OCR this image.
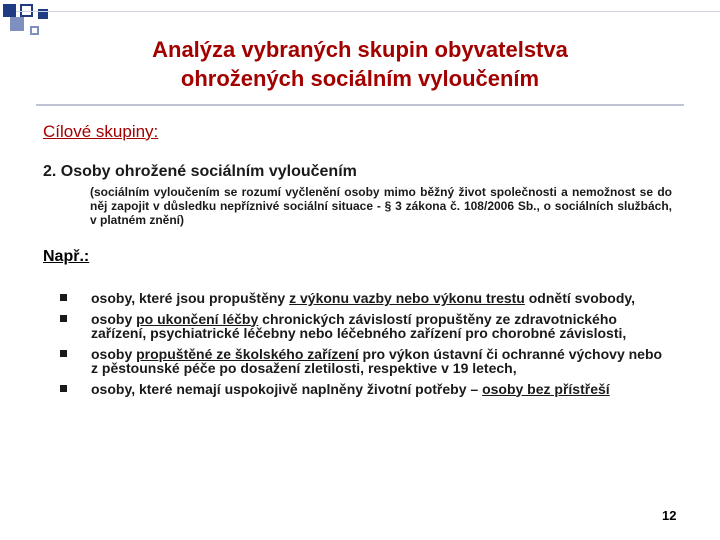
Analýza vybraných skupin obyvatelstva
ohrožených sociálním vyloučením
Cílové skupiny:
2. Osoby ohrožené sociálním vyloučením
(sociálním vyloučením se rozumí vyčlenění osoby mimo běžný život společnosti a nemožnost se do něj zapojit v důsledku nepříznivé sociální situace - § 3 zákona č. 108/2006 Sb., o sociálních službách, v platném znění)
Např.:
osoby, které jsou propuštěny z výkonu vazby nebo výkonu trestu odnětí svobody,
osoby po ukončení léčby chronických závislostí propuštěny ze zdravotnického zařízení, psychiatrické léčebny nebo léčebného zařízení pro chorobné závislosti,
osoby propuštěné ze školského zařízení pro výkon ústavní či ochranné výchovy nebo z pěstounské péče po dosažení zletilosti, respektive v 19 letech,
osoby, které nemají uspokojivě naplněny životní potřeby – osoby bez přístřeší
12
